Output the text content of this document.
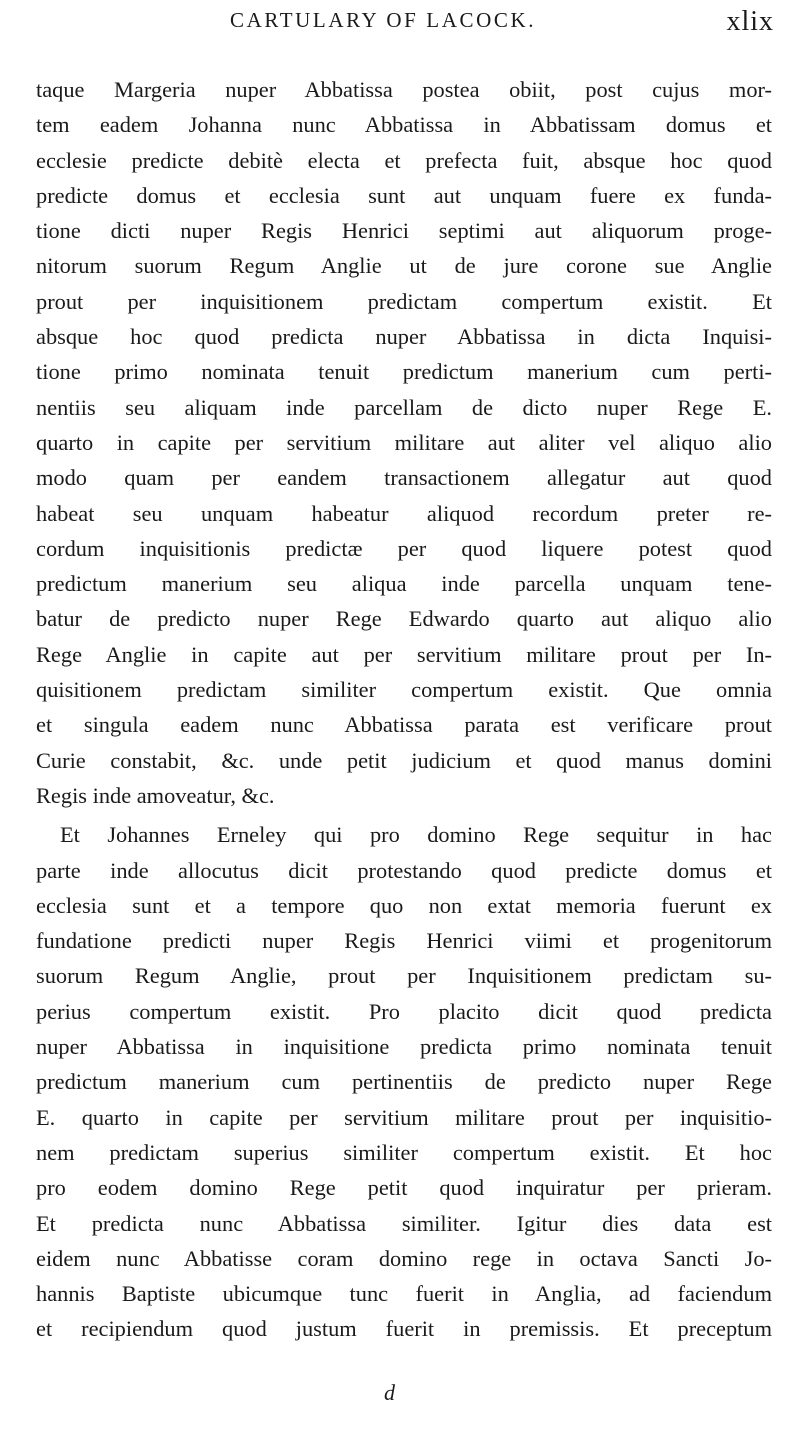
CARTULARY OF LACOCK.	xlix
taque Margeria nuper Abbatissa postea obiit, post cujus mor-
tem eadem Johanna nunc Abbatissa in Abbatissam domus et
ecclesie predicte debitè electa et prefecta fuit, absque hoc quod
predicte domus et ecclesia sunt aut unquam fuere ex funda-
tione dicti nuper Regis Henrici septimi aut aliquorum proge-
nitorum suorum Regum Anglie ut de jure corone sue Anglie
prout per inquisitionem predictam compertum existit. Et
absque hoc quod predicta nuper Abbatissa in dicta Inquisi-
tione primo nominata tenuit predictum manerium cum perti-
nentiis seu aliquam inde parcellam de dicto nuper Rege E.
quarto in capite per servitium militare aut aliter vel aliquo alio
modo quam per eandem transactionem allegatur aut quod
habeat seu unquam habeatur aliquod recordum preter re-
cordum inquisitionis predictæ per quod liquere potest quod
predictum manerium seu aliqua inde parcella unquam tene-
batur de predicto nuper Rege Edwardo quarto aut aliquo alio
Rege Anglie in capite aut per servitium militare prout per In-
quisitionem predictam similiter compertum existit. Que omnia
et singula eadem nunc Abbatissa parata est verificare prout
Curie constabit, &c. unde petit judicium et quod manus domini
Regis inde amoveatur, &c.
Et Johannes Erneley qui pro domino Rege sequitur in hac
parte inde allocutus dicit protestando quod predicte domus et
ecclesia sunt et a tempore quo non extat memoria fuerunt ex
fundatione predicti nuper Regis Henrici viimi et progenitorum
suorum Regum Anglie, prout per Inquisitionem predictam su-
perius compertum existit. Pro placito dicit quod predicta
nuper Abbatissa in inquisitione predicta primo nominata tenuit
predictum manerium cum pertinentiis de predicto nuper Rege
E. quarto in capite per servitium militare prout per inquisitio-
nem predictam superius similiter compertum existit. Et hoc
pro eodem domino Rege petit quod inquiratur per prieram.
Et predicta nunc Abbatissa similiter. Igitur dies data est
eidem nunc Abbatisse coram domino rege in octava Sancti Jo-
hannis Baptiste ubicumque tunc fuerit in Anglia, ad faciendum
et recipiendum quod justum fuerit in premissis. Et preceptum
d
